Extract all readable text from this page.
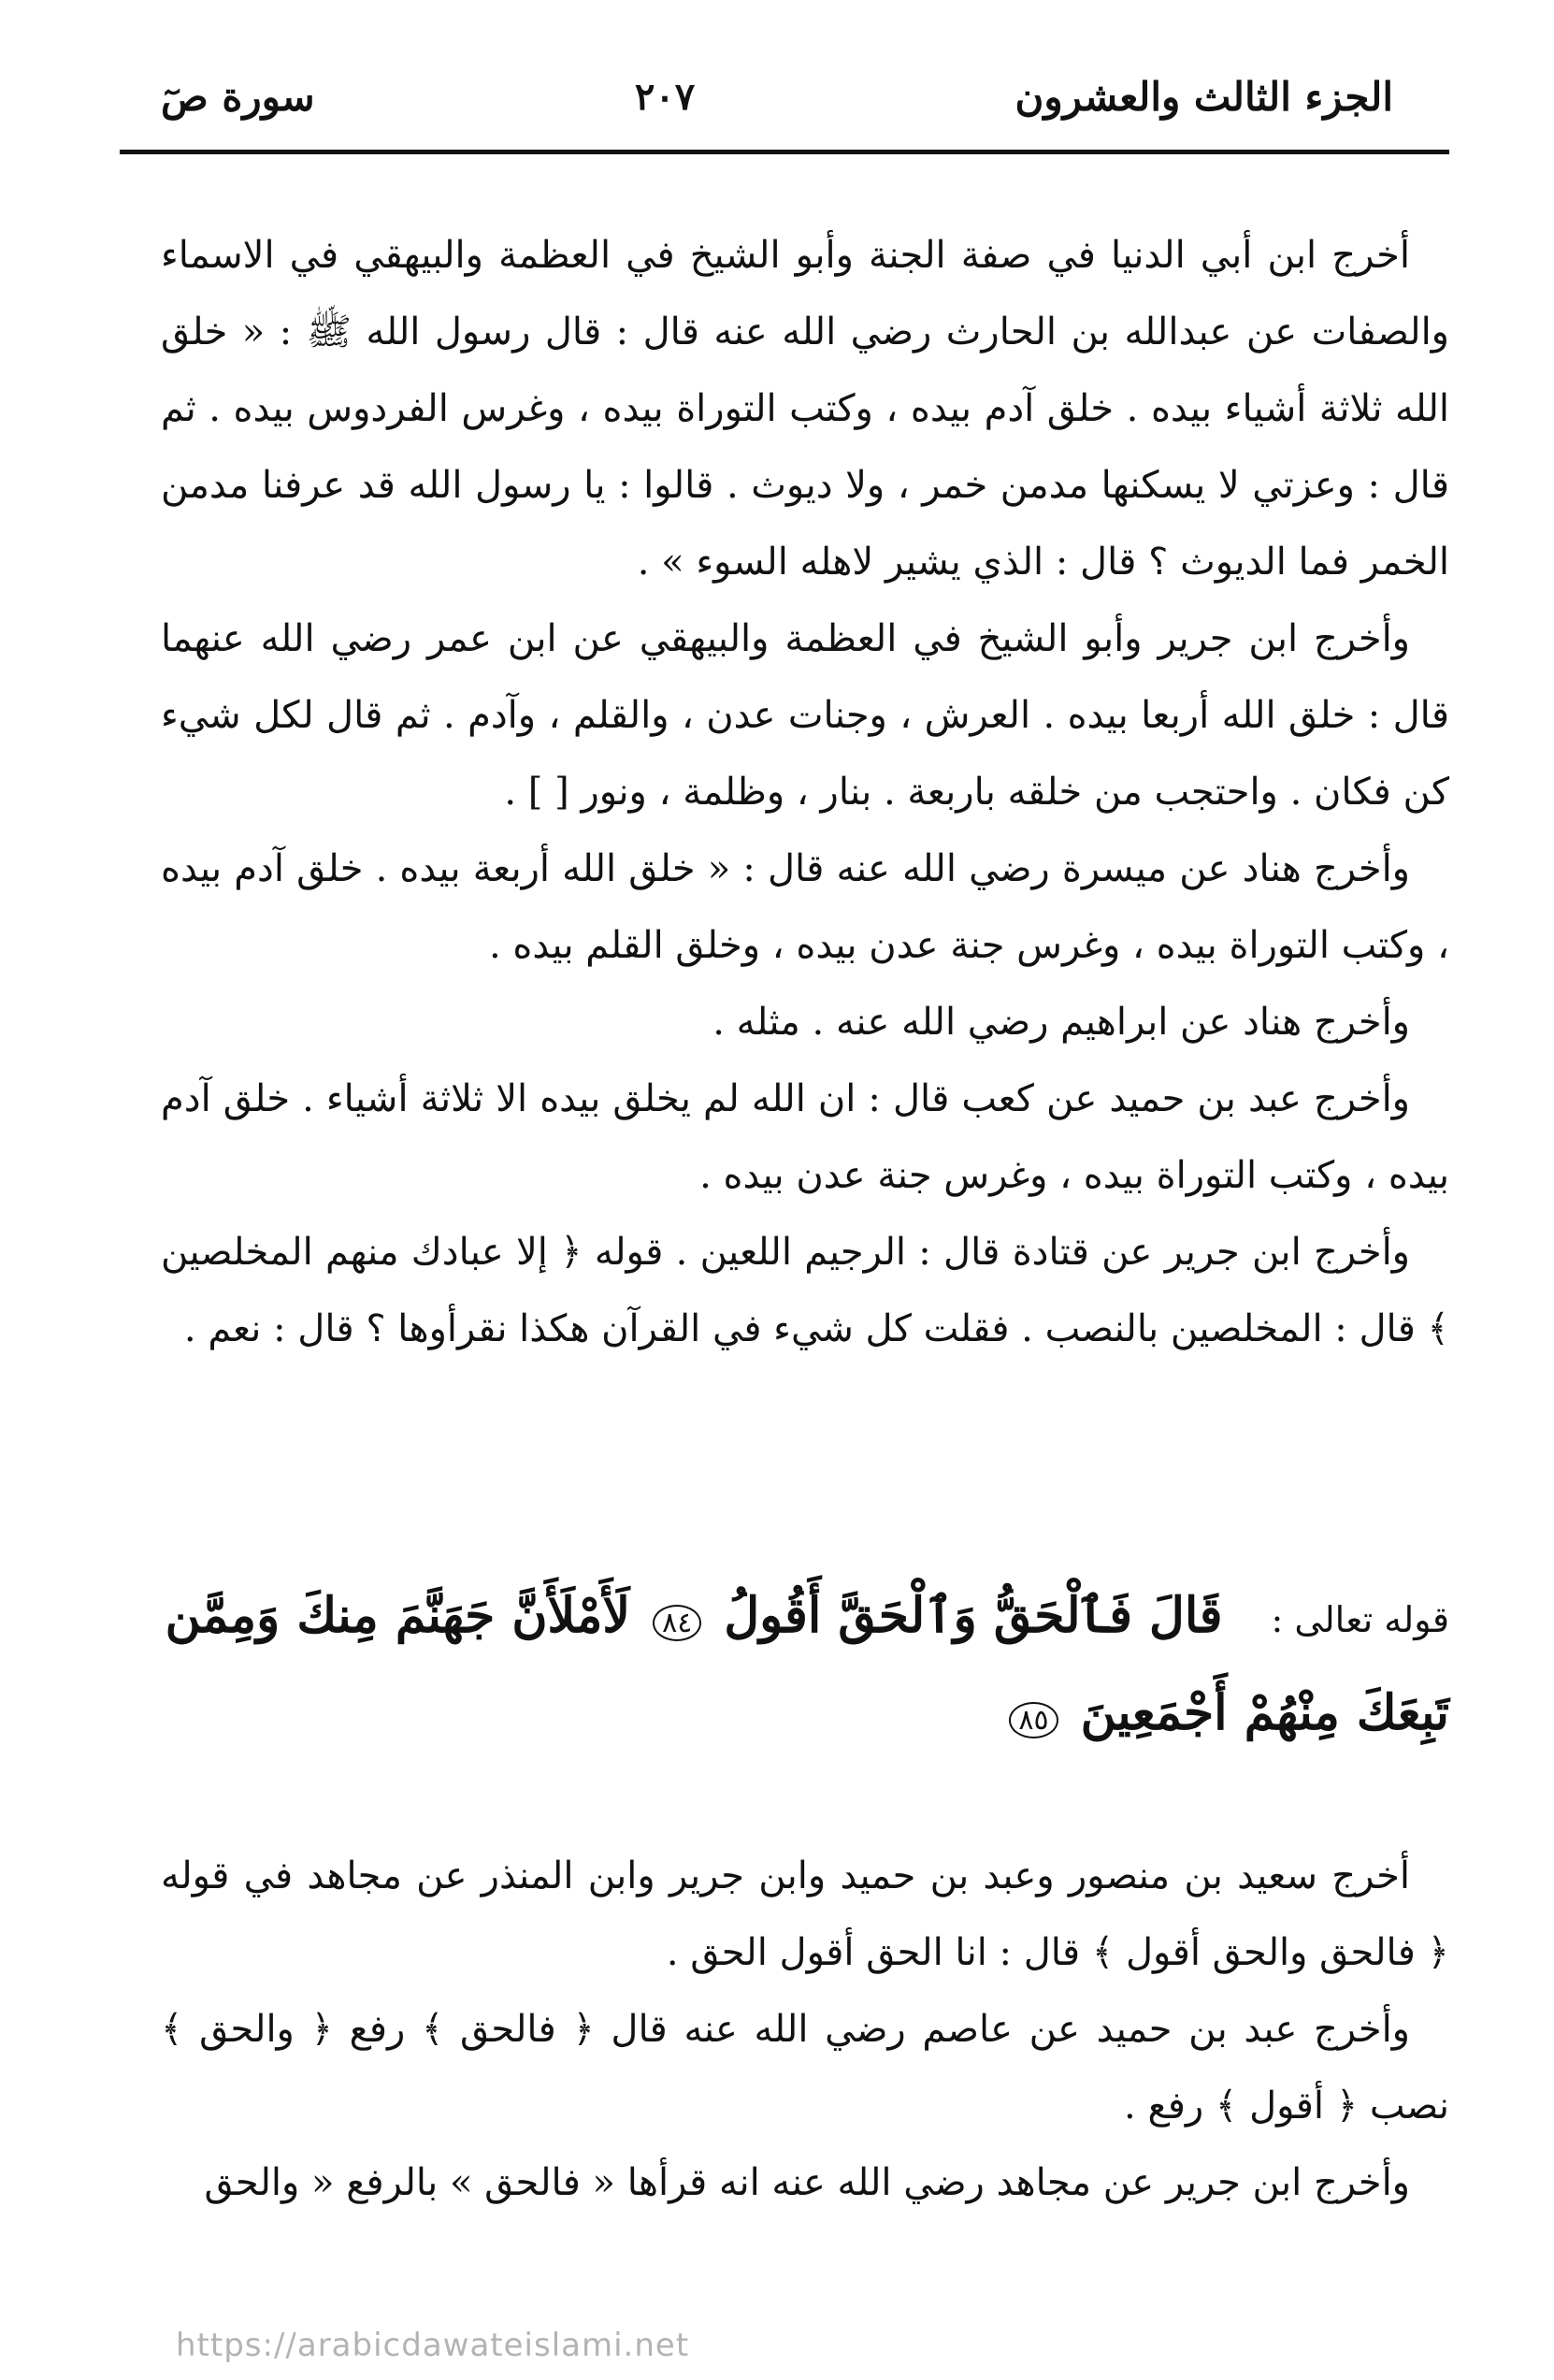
الجزء الثالث والعشرون
٢٠٧
سورة صٓ

أخرج ابن أبي الدنيا في صفة الجنة وأبو الشيخ في العظمة والبيهقي في الاسماء والصفات عن عبدالله بن الحارث رضي الله عنه قال : قال رسول الله ﷺ : « خلق الله ثلاثة أشياء بيده . خلق آدم بيده ، وكتب التوراة بيده ، وغرس الفردوس بيده . ثم قال : وعزتي لا يسكنها مدمن خمر ، ولا ديوث . قالوا : يا رسول الله قد عرفنا مدمن الخمر فما الديوث ؟ قال : الذي يشير لاهله السوء » .

وأخرج ابن جرير وأبو الشيخ في العظمة والبيهقي عن ابن عمر رضي الله عنهما قال : خلق الله أربعا بيده . العرش ، وجنات عدن ، والقلم ، وآدم . ثم قال لكل شيء كن فكان . واحتجب من خلقه باربعة . بنار ، وظلمة ، ونور [ ] .

وأخرج هناد عن ميسرة رضي الله عنه قال : « خلق الله أربعة بيده . خلق آدم بيده ، وكتب التوراة بيده ، وغرس جنة عدن بيده ، وخلق القلم بيده .

وأخرج هناد عن ابراهيم رضي الله عنه . مثله .

وأخرج عبد بن حميد عن كعب قال : ان الله لم يخلق بيده الا ثلاثة أشياء . خلق آدم بيده ، وكتب التوراة بيده ، وغرس جنة عدن بيده .

وأخرج ابن جرير عن قتادة قال : الرجيم اللعين . قوله ﴿ إلا عبادك منهم المخلصين ﴾ قال : المخلصين بالنصب . فقلت كل شيء في القرآن هكذا نقرأوها ؟ قال : نعم .

قوله تعالى : قَالَ فَٱلْحَقُّ وَٱلْحَقَّ أَقُولُ ٨٤ لَأَمْلَأَنَّ جَهَنَّمَ مِنكَ وَمِمَّن تَبِعَكَ مِنْهُمْ أَجْمَعِينَ ٨٥

أخرج سعيد بن منصور وعبد بن حميد وابن جرير وابن المنذر عن مجاهد في قوله ﴿ فالحق والحق أقول ﴾ قال : انا الحق أقول الحق .

وأخرج عبد بن حميد عن عاصم رضي الله عنه قال ﴿ فالحق ﴾ رفع ﴿ والحق ﴾ نصب ﴿ أقول ﴾ رفع .

وأخرج ابن جرير عن مجاهد رضي الله عنه انه قرأها « فالحق » بالرفع « والحق

https://arabicdawateislami.net
